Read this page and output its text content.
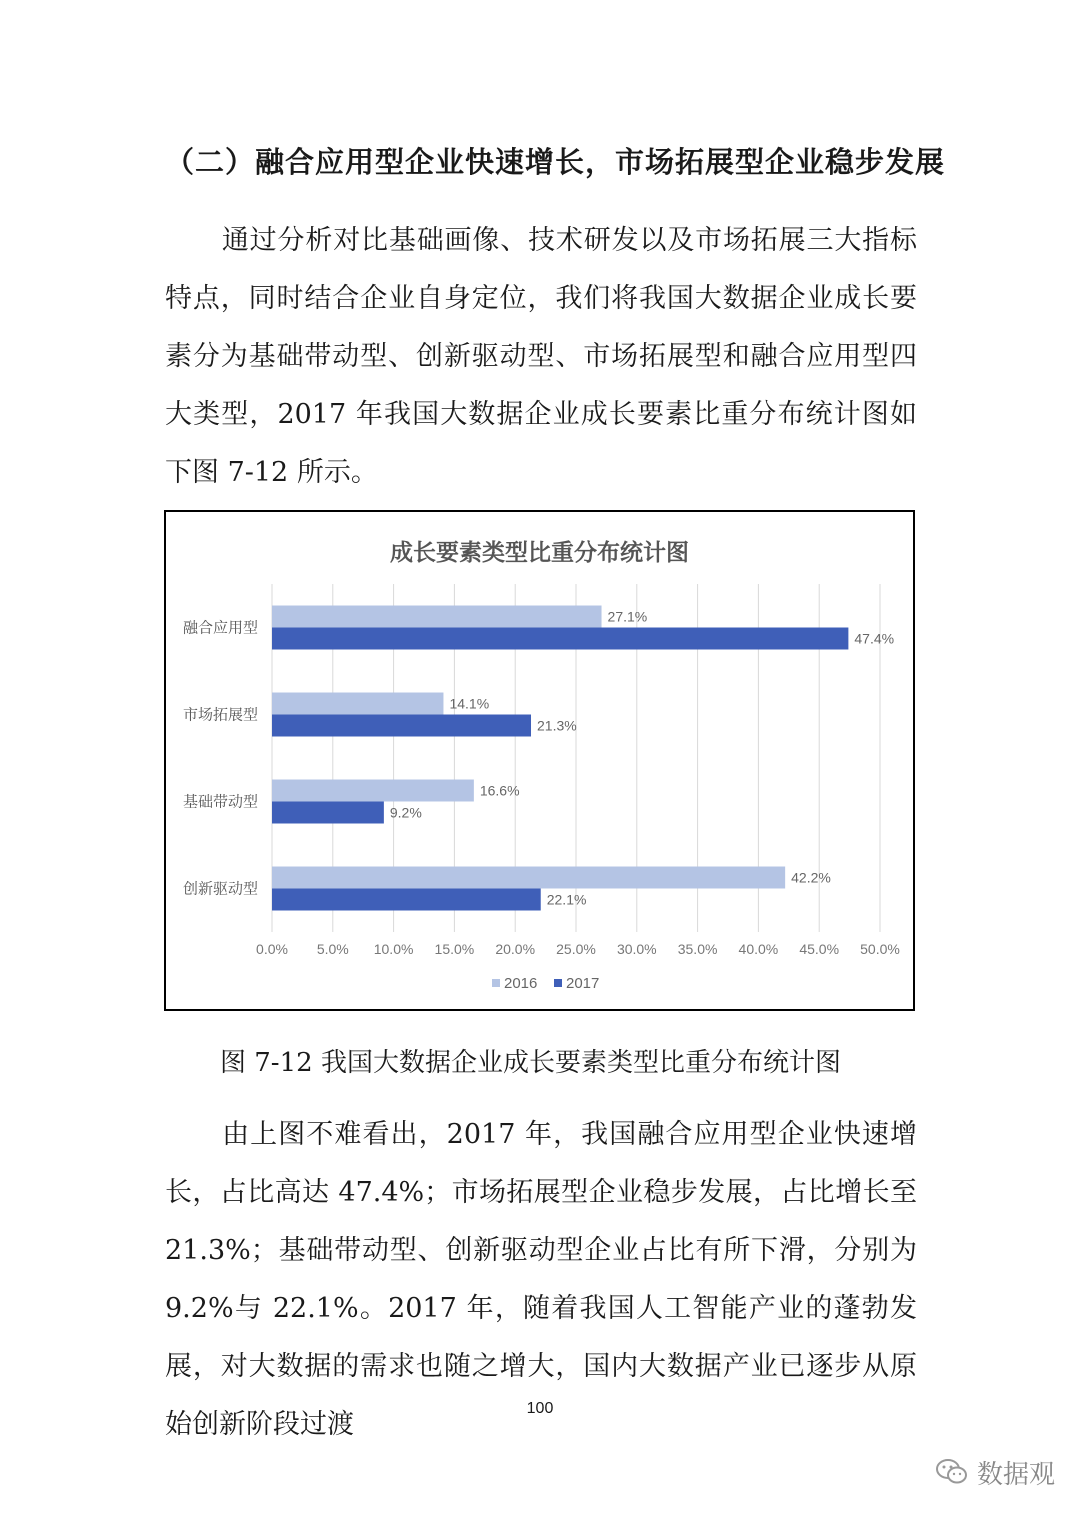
（二）融合应用型企业快速增长，市场拓展型企业稳步发展

通过分析对比基础画像、技术研发以及市场拓展三大指标特点，同时结合企业自身定位，我们将我国大数据企业成长要素分为基础带动型、创新驱动型、市场拓展型和融合应用型四大类型，2017 年我国大数据企业成长要素比重分布统计图如下图 7-12 所示。

成长要素类型比重分布统计图
0.0% 5.0% 10.0% 15.0% 20.0% 25.0% 30.0% 35.0% 40.0% 45.0% 50.0%
融合应用型
27.1%
47.4%
市场拓展型
14.1%
21.3%
基础带动型
16.6%
9.2%
创新驱动型
42.2%
22.1%
2016 2017
图 7-12 我国大数据企业成长要素类型比重分布统计图

由上图不难看出，2017 年，我国融合应用型企业快速增长，占比高达 47.4%；市场拓展型企业稳步发展，占比增长至 21.3%；基础带动型、创新驱动型企业占比有所下滑，分别为 9.2%与 22.1%。2017 年，随着我国人工智能产业的蓬勃发展，对大数据的需求也随之增大，国内大数据产业已逐步从原始创新阶段过渡

100
数据观
